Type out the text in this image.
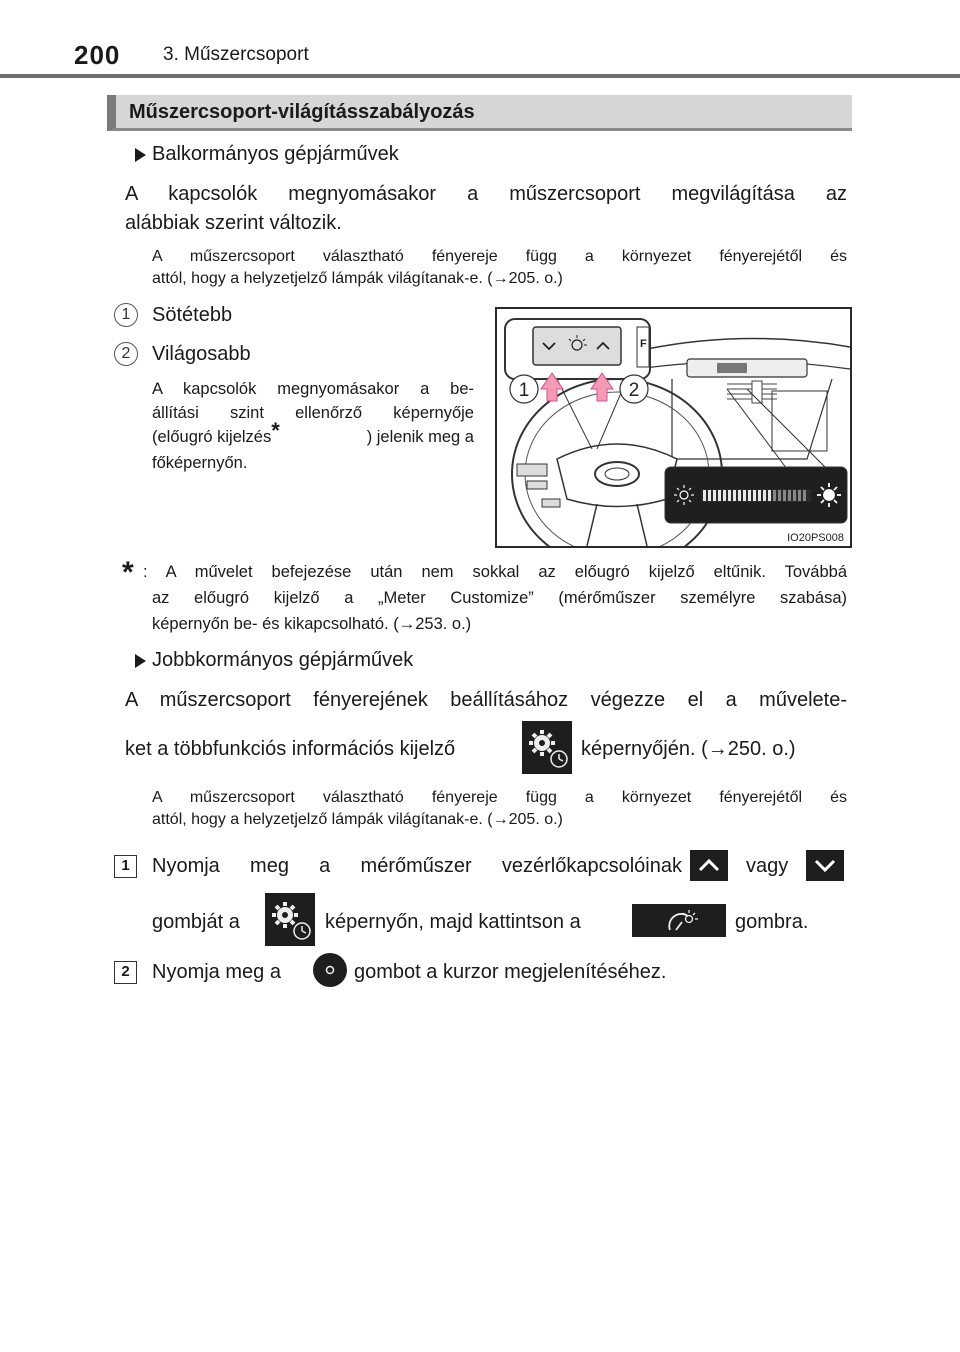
200 3. Műszercsoport
Műszercsoport-világításszabályozás
Balkormányos gépjárművek
A kapcsolók megnyomásakor a műszercsoport megvilágítása az
alábbiak szerint változik.
A műszercsoport választható fényereje függ a környezet fényerejétől és
attól, hogy a helyzetjelző lámpák világítanak-e. (→205. o.)
1	Sötétebb
2	Világosabb
A kapcsolók megnyomásakor a be-
állítási szint ellenőrző képernyője
(előugró kijelzés*	) jelenik meg a
főképernyőn.
F
1	2
IO20PS008
* : A művelet befejezése után nem sokkal az előugró kijelző eltűnik. Továbbá
az előugró kijelző a „Meter Customize” (mérőműszer személyre szabása)
képernyőn be- és kikapcsolható. (→253. o.)
Jobbkormányos gépjárművek
A műszercsoport fényerejének beállításához végezze el a művelete-
ket a többfunkciós információs kijelző	képernyőjén. (→250. o.)
A műszercsoport választható fényereje függ a környezet fényerejétől és
attól, hogy a helyzetjelző lámpák világítanak-e. (→205. o.)
1	Nyomja meg a mérőműszer vezérlőkapcsolóinak	vagy
gombját a	képernyőn, majd kattintson a	gombra.
2	Nyomja meg a	gombot a kurzor megjelenítéséhez.
